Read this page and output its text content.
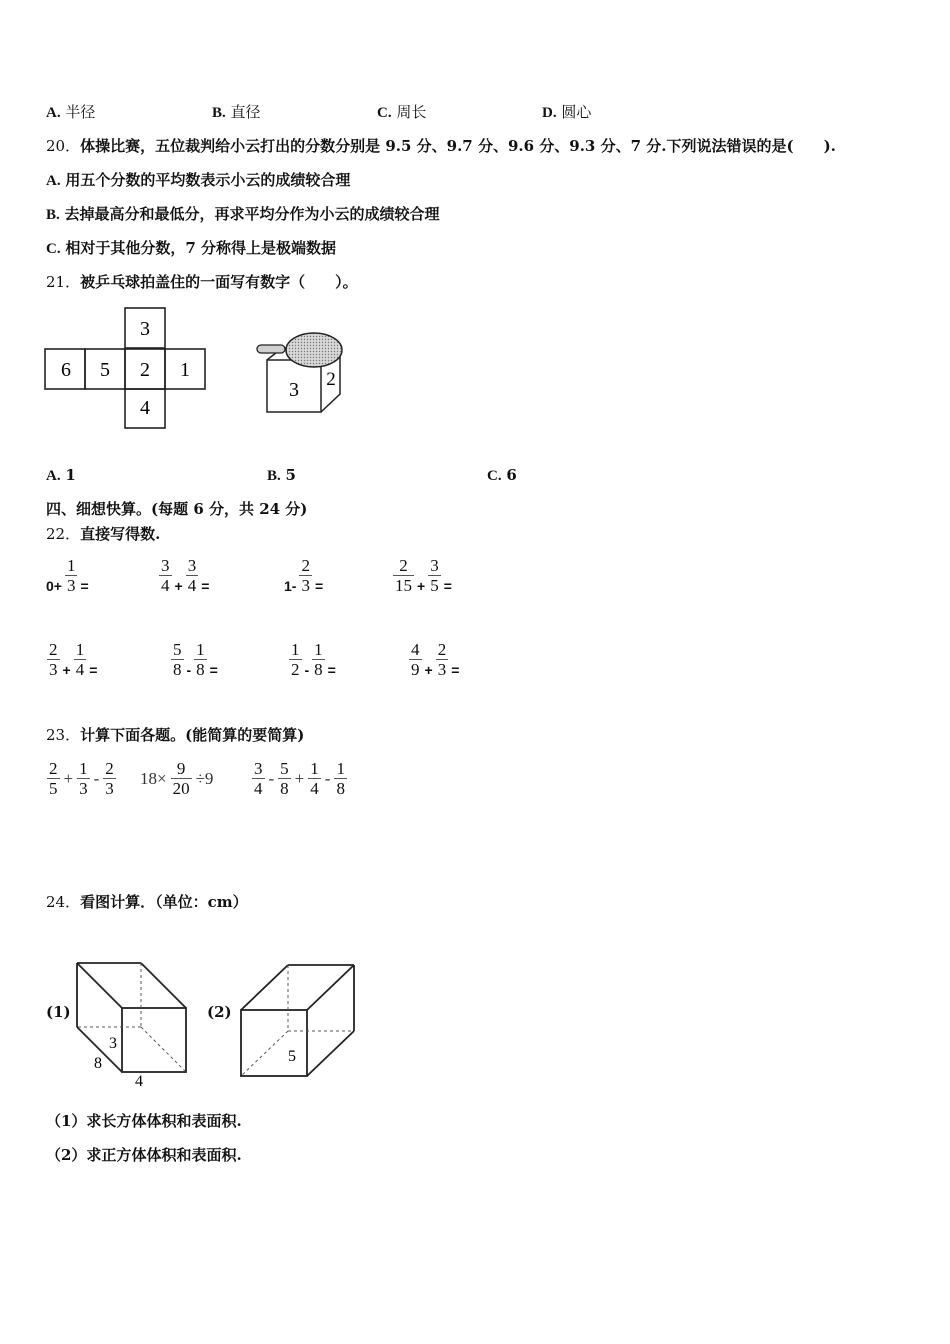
A. 半径	B. 直径	C. 周长	D. 圆心
20．体操比赛，五位裁判给小云打出的分数分别是 9.5 分、9.7 分、9.6 分、9.3 分、7 分.下列说法错误的是(　　).
A. 用五个分数的平均数表示小云的成绩较合理
B. 去掉最高分和最低分，再求平均分作为小云的成绩较合理
C. 相对于其他分数，7 分称得上是极端数据
21．被乒乓球拍盖住的一面写有数字（　　）。
3
6 5 2 1
4
3 2
A. 1	B. 5	C. 6
四、细想快算。(每题 6 分，共 24 分)
22．直接写得数.
$0+ \frac{1}{3}$ =	$\frac{3}{4} + \frac{3}{4}$ =	$1- \frac{2}{3}$ =	$\frac{2}{15} + \frac{3}{5}$ =
$\frac{2}{3} + \frac{1}{4}$ =	$\frac{5}{8} - \frac{1}{8}$ =	$\frac{1}{2} - \frac{1}{8}$ =	$\frac{4}{9} + \frac{2}{3}$ =
23．计算下面各题。(能简算的要简算)
$\frac{2}{5} + \frac{1}{3} - \frac{2}{3} 18\times \frac{9}{20} \div 9 \frac{3}{4} - \frac{5}{8} + \frac{1}{4} - \frac{1}{8}$
24．看图计算．（单位：cm）
(1)	(2)
3
8
4
5
（1）求长方体体积和表面积.
（2）求正方体体积和表面积.
